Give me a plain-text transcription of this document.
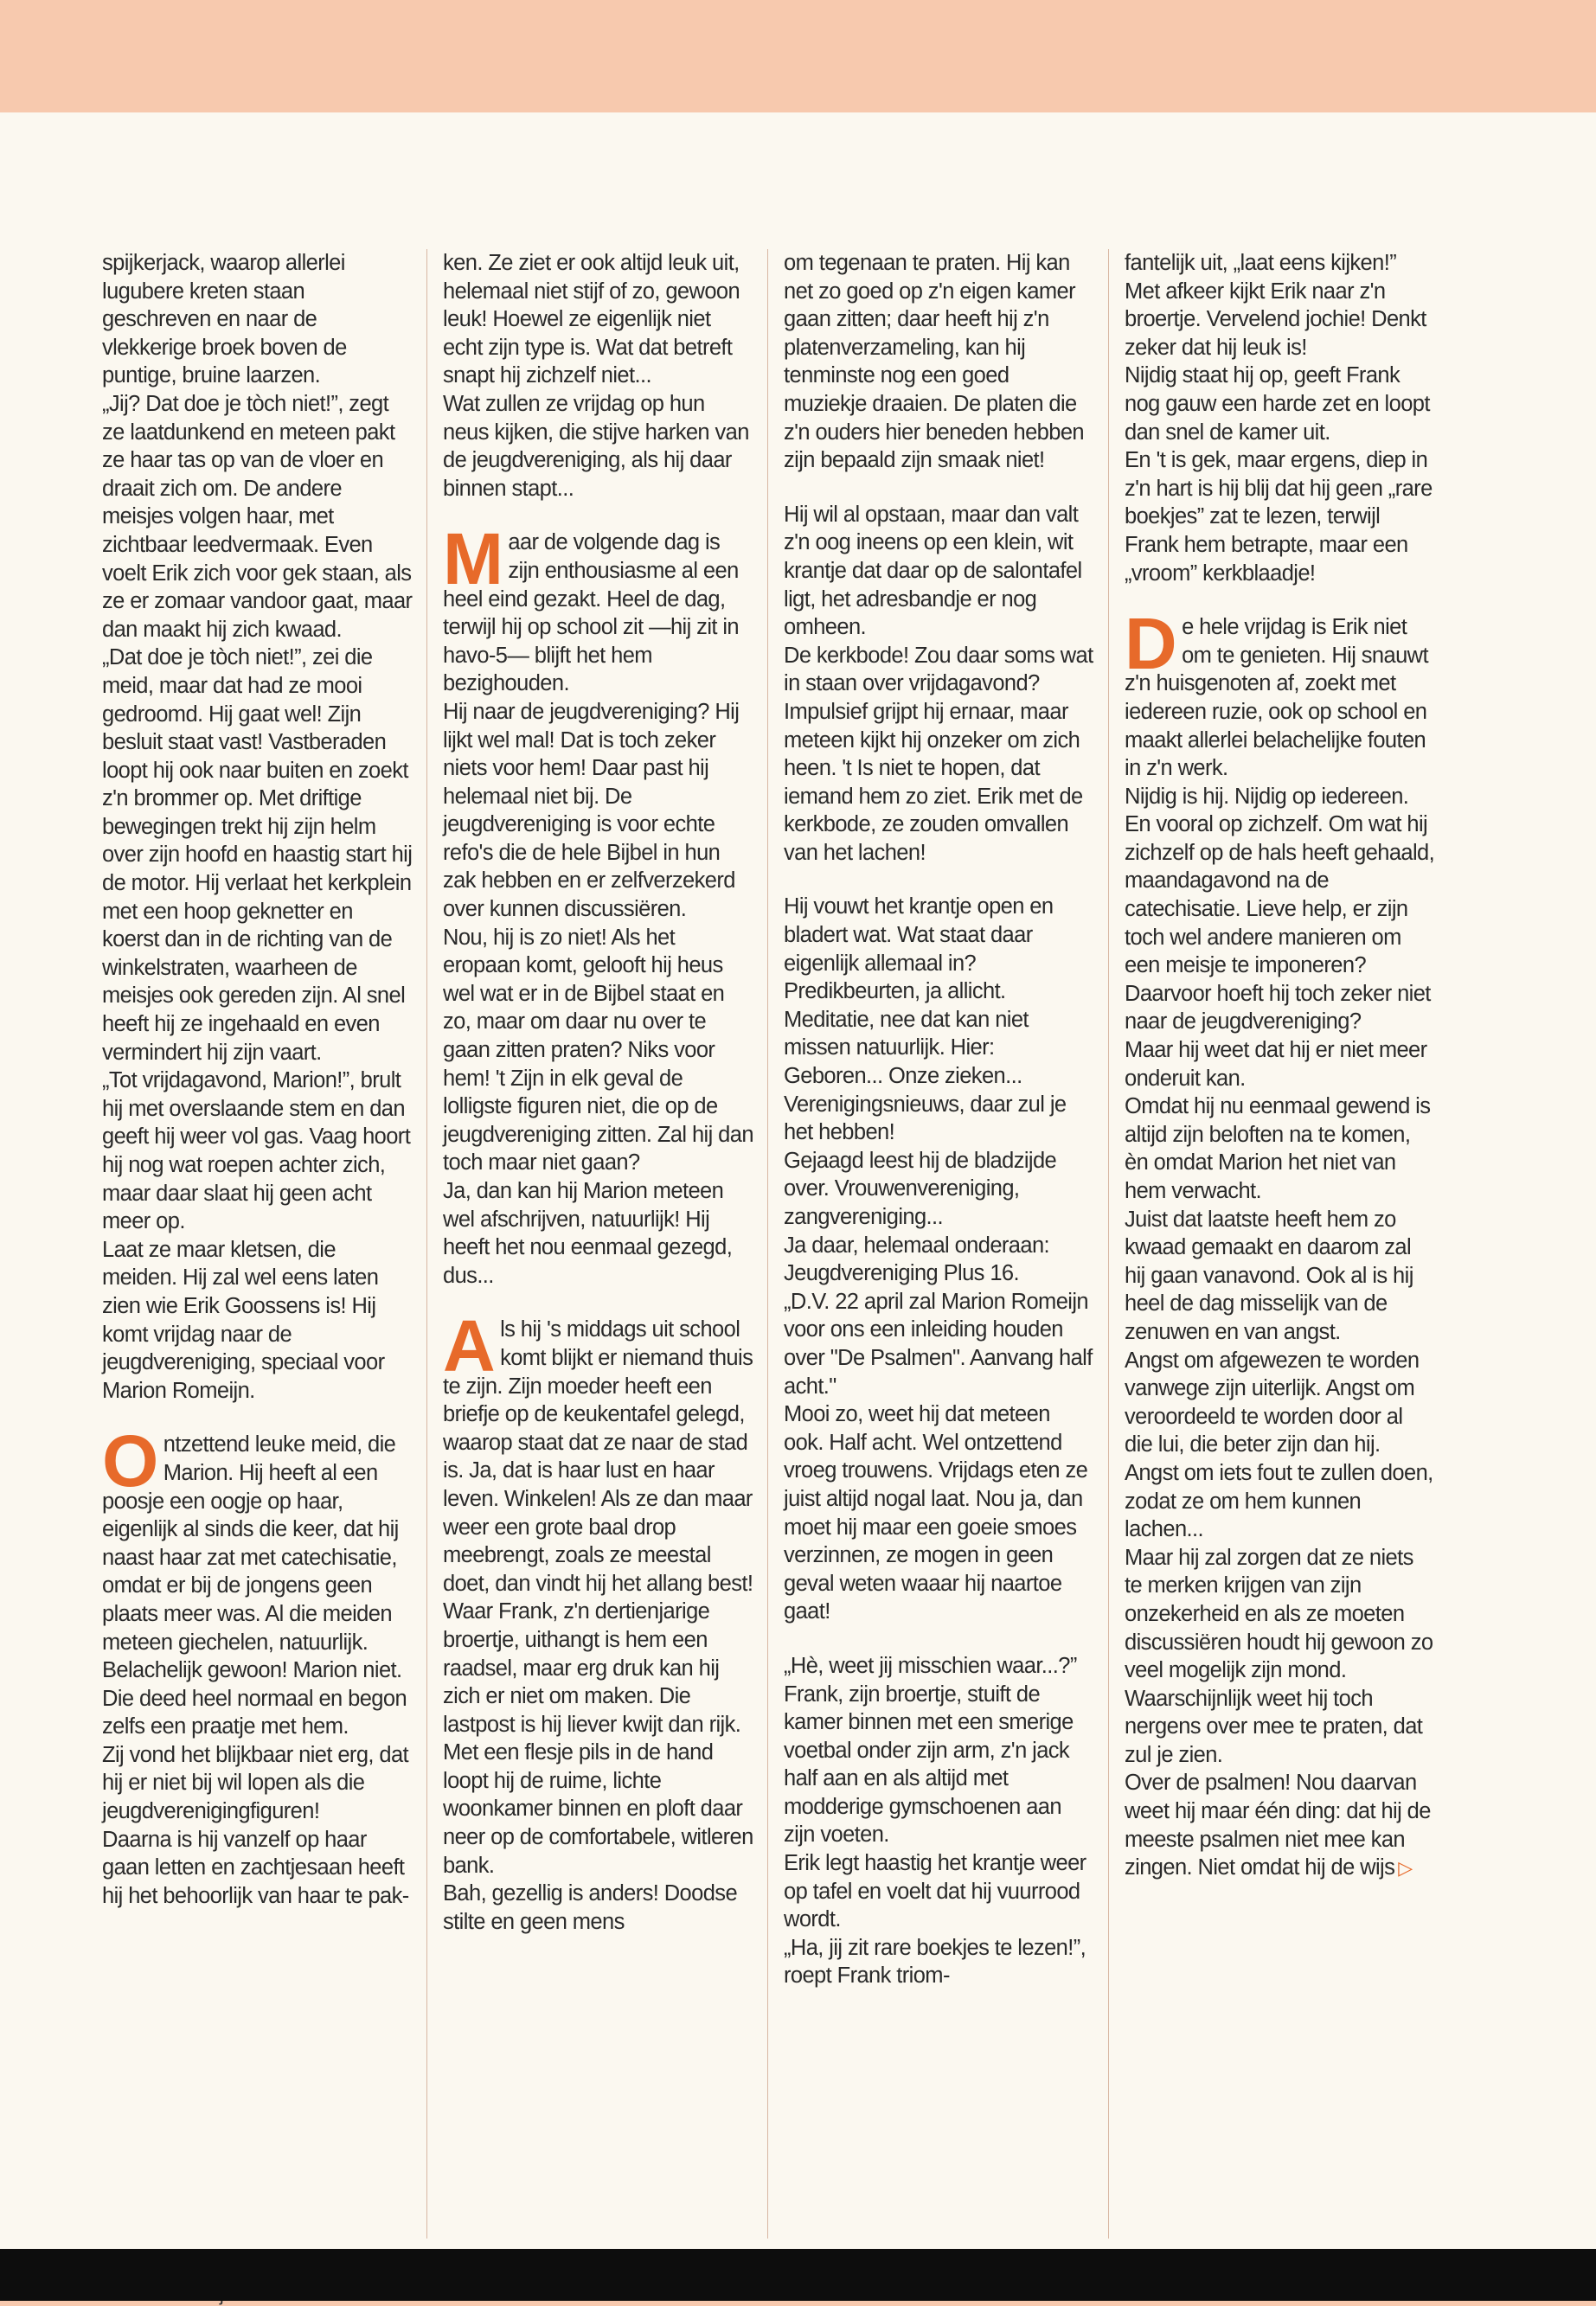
spijkerjack, waarop allerlei lugubere kreten staan geschreven en naar de vlekkerige broek boven de puntige, bruine laarzen.

„Jij? Dat doe je tòch niet!”, zegt ze laatdunkend en meteen pakt ze haar tas op van de vloer en draait zich om. De andere meisjes volgen haar, met zichtbaar leedvermaak. Even voelt Erik zich voor gek staan, als ze er zomaar vandoor gaat, maar dan maakt hij zich kwaad.

„Dat doe je tòch niet!”, zei die meid, maar dat had ze mooi gedroomd. Hij gaat wel! Zijn besluit staat vast! Vastberaden loopt hij ook naar buiten en zoekt z'n brommer op. Met driftige bewegingen trekt hij zijn helm over zijn hoofd en haastig start hij de motor. Hij verlaat het kerkplein met een hoop geknetter en koerst dan in de richting van de winkelstraten, waarheen de meisjes ook gereden zijn. Al snel heeft hij ze ingehaald en even vermindert hij zijn vaart.

„Tot vrijdagavond, Marion!”, brult hij met overslaande stem en dan geeft hij weer vol gas. Vaag hoort hij nog wat roepen achter zich, maar daar slaat hij geen acht meer op.

Laat ze maar kletsen, die meiden. Hij zal wel eens laten zien wie Erik Goossens is! Hij komt vrijdag naar de jeugdvereniging, speciaal voor Marion Romeijn.

Ontzettend leuke meid, die Marion. Hij heeft al een poosje een oogje op haar, eigenlijk al sinds die keer, dat hij naast haar zat met catechisatie, omdat er bij de jongens geen plaats meer was. Al die meiden meteen giechelen, natuurlijk. Belachelijk gewoon! Marion niet. Die deed heel normaal en begon zelfs een praatje met hem.

Zij vond het blijkbaar niet erg, dat hij er niet bij wil lopen als die jeugdverenigingfiguren!

Daarna is hij vanzelf op haar gaan letten en zachtjesaan heeft hij het behoorlijk van haar te pak-

ken. Ze ziet er ook altijd leuk uit, helemaal niet stijf of zo, gewoon leuk! Hoewel ze eigenlijk niet echt zijn type is. Wat dat betreft snapt hij zichzelf niet...

Wat zullen ze vrijdag op hun neus kijken, die stijve harken van de jeugdvereniging, als hij daar binnen stapt...

Maar de volgende dag is zijn enthousiasme al een heel eind gezakt. Heel de dag, terwijl hij op school zit —hij zit in havo-5— blijft het hem bezighouden.

Hij naar de jeugdvereniging? Hij lijkt wel mal! Dat is toch zeker niets voor hem! Daar past hij helemaal niet bij. De jeugdvereniging is voor echte refo's die de hele Bijbel in hun zak hebben en er zelfverzekerd over kunnen discussiëren.

Nou, hij is zo niet! Als het eropaan komt, gelooft hij heus wel wat er in de Bijbel staat en zo, maar om daar nu over te gaan zitten praten? Niks voor hem! 't Zijn in elk geval de lolligste figuren niet, die op de jeugdvereniging zitten. Zal hij dan toch maar niet gaan?

Ja, dan kan hij Marion meteen wel afschrijven, natuurlijk! Hij heeft het nou eenmaal gezegd, dus...

Als hij 's middags uit school komt blijkt er niemand thuis te zijn. Zijn moeder heeft een briefje op de keukentafel gelegd, waarop staat dat ze naar de stad is. Ja, dat is haar lust en haar leven. Winkelen! Als ze dan maar weer een grote baal drop meebrengt, zoals ze meestal doet, dan vindt hij het allang best!

Waar Frank, z'n dertienjarige broertje, uithangt is hem een raadsel, maar erg druk kan hij zich er niet om maken. Die lastpost is hij liever kwijt dan rijk.

Met een flesje pils in de hand loopt hij de ruime, lichte woonkamer binnen en ploft daar neer op de comfortabele, witleren bank.

Bah, gezellig is anders! Doodse stilte en geen mens

om tegenaan te praten. Hij kan net zo goed op z'n eigen kamer gaan zitten; daar heeft hij z'n platenverzameling, kan hij tenminste nog een goed muziekje draaien. De platen die z'n ouders hier beneden hebben zijn bepaald zijn smaak niet!

Hij wil al opstaan, maar dan valt z'n oog ineens op een klein, wit krantje dat daar op de salontafel ligt, het adresbandje er nog omheen.

De kerkbode! Zou daar soms wat in staan over vrijdagavond? Impulsief grijpt hij ernaar, maar meteen kijkt hij onzeker om zich heen. 't Is niet te hopen, dat iemand hem zo ziet. Erik met de kerkbode, ze zouden omvallen van het lachen!

Hij vouwt het krantje open en bladert wat. Wat staat daar eigenlijk allemaal in? Predikbeurten, ja allicht. Meditatie, nee dat kan niet missen natuurlijk. Hier: Geboren... Onze zieken... Verenigingsnieuws, daar zul je het hebben!

Gejaagd leest hij de bladzijde over. Vrouwenvereniging, zangvereniging...

Ja daar, helemaal onderaan: Jeugdvereniging Plus 16.

„D.V. 22 april zal Marion Romeijn voor ons een inleiding houden over "De Psalmen". Aanvang half acht."

Mooi zo, weet hij dat meteen ook. Half acht. Wel ontzettend vroeg trouwens. Vrijdags eten ze juist altijd nogal laat. Nou ja, dan moet hij maar een goeie smoes verzinnen, ze mogen in geen geval weten waaar hij naartoe gaat!

„Hè, weet jij misschien waar...?” Frank, zijn broertje, stuift de kamer binnen met een smerige voetbal onder zijn arm, z'n jack half aan en als altijd met modderige gymschoenen aan zijn voeten.

Erik legt haastig het krantje weer op tafel en voelt dat hij vuurrood wordt.

„Ha, jij zit rare boekjes te lezen!”, roept Frank triom-

fantelijk uit, „laat eens kijken!”

Met afkeer kijkt Erik naar z'n broertje. Vervelend jochie! Denkt zeker dat hij leuk is!

Nijdig staat hij op, geeft Frank nog gauw een harde zet en loopt dan snel de kamer uit.

En 't is gek, maar ergens, diep in z'n hart is hij blij dat hij geen „rare boekjes” zat te lezen, terwijl Frank hem betrapte, maar een „vroom” kerkblaadje!

De hele vrijdag is Erik niet om te genieten. Hij snauwt z'n huisgenoten af, zoekt met iedereen ruzie, ook op school en maakt allerlei belachelijke fouten in z'n werk.

Nijdig is hij. Nijdig op iedereen. En vooral op zichzelf. Om wat hij zichzelf op de hals heeft gehaald, maandagavond na de catechisatie. Lieve help, er zijn toch wel andere manieren om een meisje te imponeren? Daarvoor hoeft hij toch zeker niet naar de jeugdvereniging?

Maar hij weet dat hij er niet meer onderuit kan.

Omdat hij nu eenmaal gewend is altijd zijn beloften na te komen, èn omdat Marion het niet van hem verwacht.

Juist dat laatste heeft hem zo kwaad gemaakt en daarom zal hij gaan vanavond. Ook al is hij heel de dag misselijk van de zenuwen en van angst.

Angst om afgewezen te worden vanwege zijn uiterlijk. Angst om veroordeeld te worden door al die lui, die beter zijn dan hij. Angst om iets fout te zullen doen, zodat ze om hem kunnen lachen...

Maar hij zal zorgen dat ze niets te merken krijgen van zijn onzekerheid en als ze moeten discussiëren houdt hij gewoon zo veel mogelijk zijn mond. Waarschijnlijk weet hij toch nergens over mee te praten, dat zul je zien.

Over de psalmen! Nou daarvan weet hij maar één ding: dat hij de meeste psalmen niet mee kan zingen. Niet omdat hij de wijs ▷
